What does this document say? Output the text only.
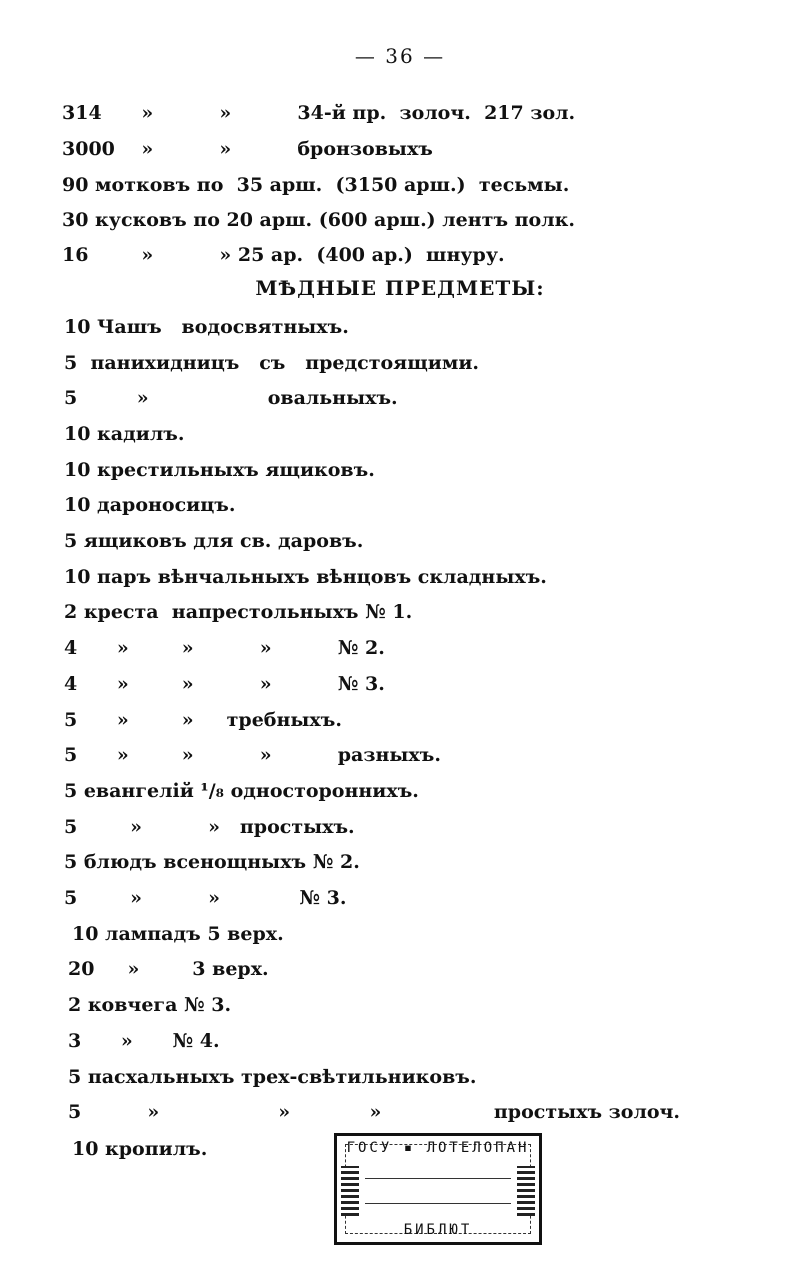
— 36 —
314      »          »          34-й пр.  золоч.  217 зол.
3000    »          »          бронзовыхъ
90 мотковъ по  35 арш.  (3150 арш.)  тесьмы.
30 кусковъ по 20 арш. (600 арш.) лентъ полк.
16        »          » 25 ар.  (400 ар.)  шнуру.
МѢДНЫЕ ПРЕДМЕТЫ:
10 Чашъ   водосвятныхъ.
5  панихидницъ   съ   предстоящими.
5         »                  овальныхъ.
10 кадилъ.
10 крестильныхъ ящиковъ.
10 дароносицъ.
5 ящиковъ для св. даровъ.
10 паръ вѣнчальныхъ вѣнцовъ складныхъ.
2 креста  напрестольныхъ № 1.
4      »        »          »          № 2.
4      »        »          »          № 3.
5      »        »     требныхъ.
5      »        »          »          разныхъ.
5 евангелій ¹/₈ одностороннихъ.
5        »          »   простыхъ.
5 блюдъ всенощныхъ № 2.
5        »          »            № 3.
10 лампадъ 5 верх.
20     »        3 верх.
2 ковчега № 3.
3      »      № 4.
5 пасхальныхъ трех-свѣтильниковъ.
5          »                  »            »                 простыхъ золоч.
10 кропилъ.	ГОСУ ▪ ЛОТЕЛОПАН
БИБЛЮТ
